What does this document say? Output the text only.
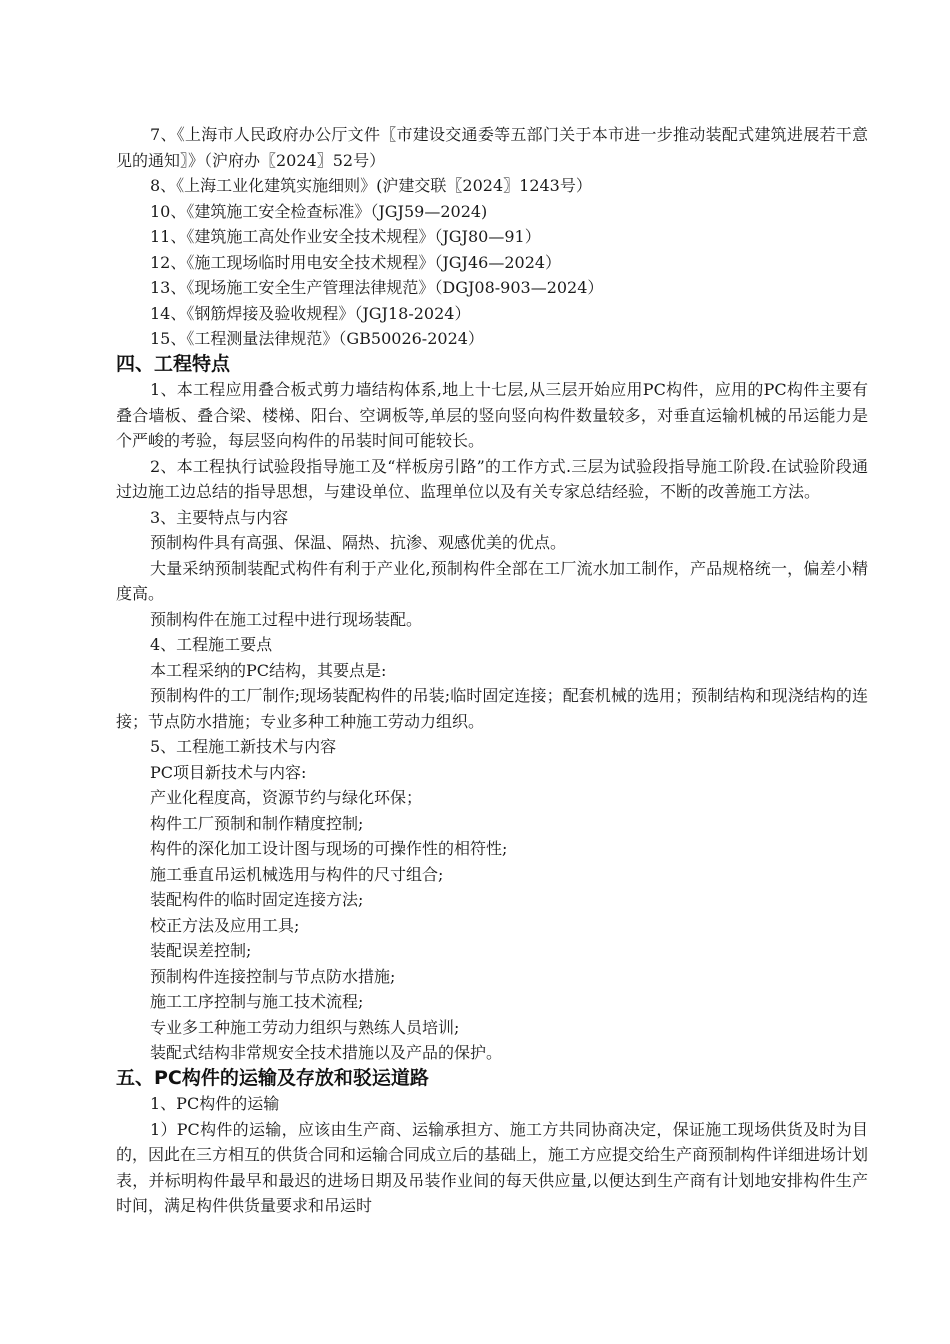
7、《上海市人民政府办公厅文件〖市建设交通委等五部门关于本市进一步推动装配式建筑进展若干意见的通知〗》（沪府办〖2024〗52号）

8、《上海工业化建筑实施细则》(沪建交联〖2024〗1243号）

10、《建筑施工安全检查标准》（JGJ59—2024)

11、《建筑施工高处作业安全技术规程》（JGJ80—91）

12、《施工现场临时用电安全技术规程》（JGJ46—2024）

13、《现场施工安全生产管理法律规范》（DGJ08-903—2024）

14、《钢筋焊接及验收规程》（JGJ18-2024）

15、《工程测量法律规范》（GB50026-2024）

四、工程特点

1、本工程应用叠合板式剪力墙结构体系,地上十七层,从三层开始应用PC构件，应用的PC构件主要有叠合墙板、叠合梁、楼梯、阳台、空调板等,单层的竖向竖向构件数量较多，对垂直运输机械的吊运能力是个严峻的考验，每层竖向构件的吊装时间可能较长。

2、本工程执行试验段指导施工及“样板房引路”的工作方式.三层为试验段指导施工阶段.在试验阶段通过边施工边总结的指导思想，与建设单位、监理单位以及有关专家总结经验，不断的改善施工方法。

3、主要特点与内容

预制构件具有高强、保温、隔热、抗渗、观感优美的优点。

大量采纳预制装配式构件有利于产业化,预制构件全部在工厂流水加工制作，产品规格统一，偏差小精度高。

预制构件在施工过程中进行现场装配。

4、工程施工要点

本工程采纳的PC结构，其要点是:

预制构件的工厂制作;现场装配构件的吊装;临时固定连接；配套机械的选用；预制结构和现浇结构的连接；节点防水措施；专业多种工种施工劳动力组织。

5、工程施工新技术与内容

PC项目新技术与内容:

产业化程度高，资源节约与绿化环保；

构件工厂预制和制作精度控制;

构件的深化加工设计图与现场的可操作性的相符性;

施工垂直吊运机械选用与构件的尺寸组合;

装配构件的临时固定连接方法;

校正方法及应用工具;

装配误差控制;

预制构件连接控制与节点防水措施;

施工工序控制与施工技术流程;

专业多工种施工劳动力组织与熟练人员培训;

装配式结构非常规安全技术措施以及产品的保护。

五、PC构件的运输及存放和驳运道路

1、PC构件的运输

1）PC构件的运输，应该由生产商、运输承担方、施工方共同协商决定，保证施工现场供货及时为目的，因此在三方相互的供货合同和运输合同成立后的基础上，施工方应提交给生产商预制构件详细进场计划表，并标明构件最早和最迟的进场日期及吊装作业间的每天供应量,以便达到生产商有计划地安排构件生产时间，满足构件供货量要求和吊运时
